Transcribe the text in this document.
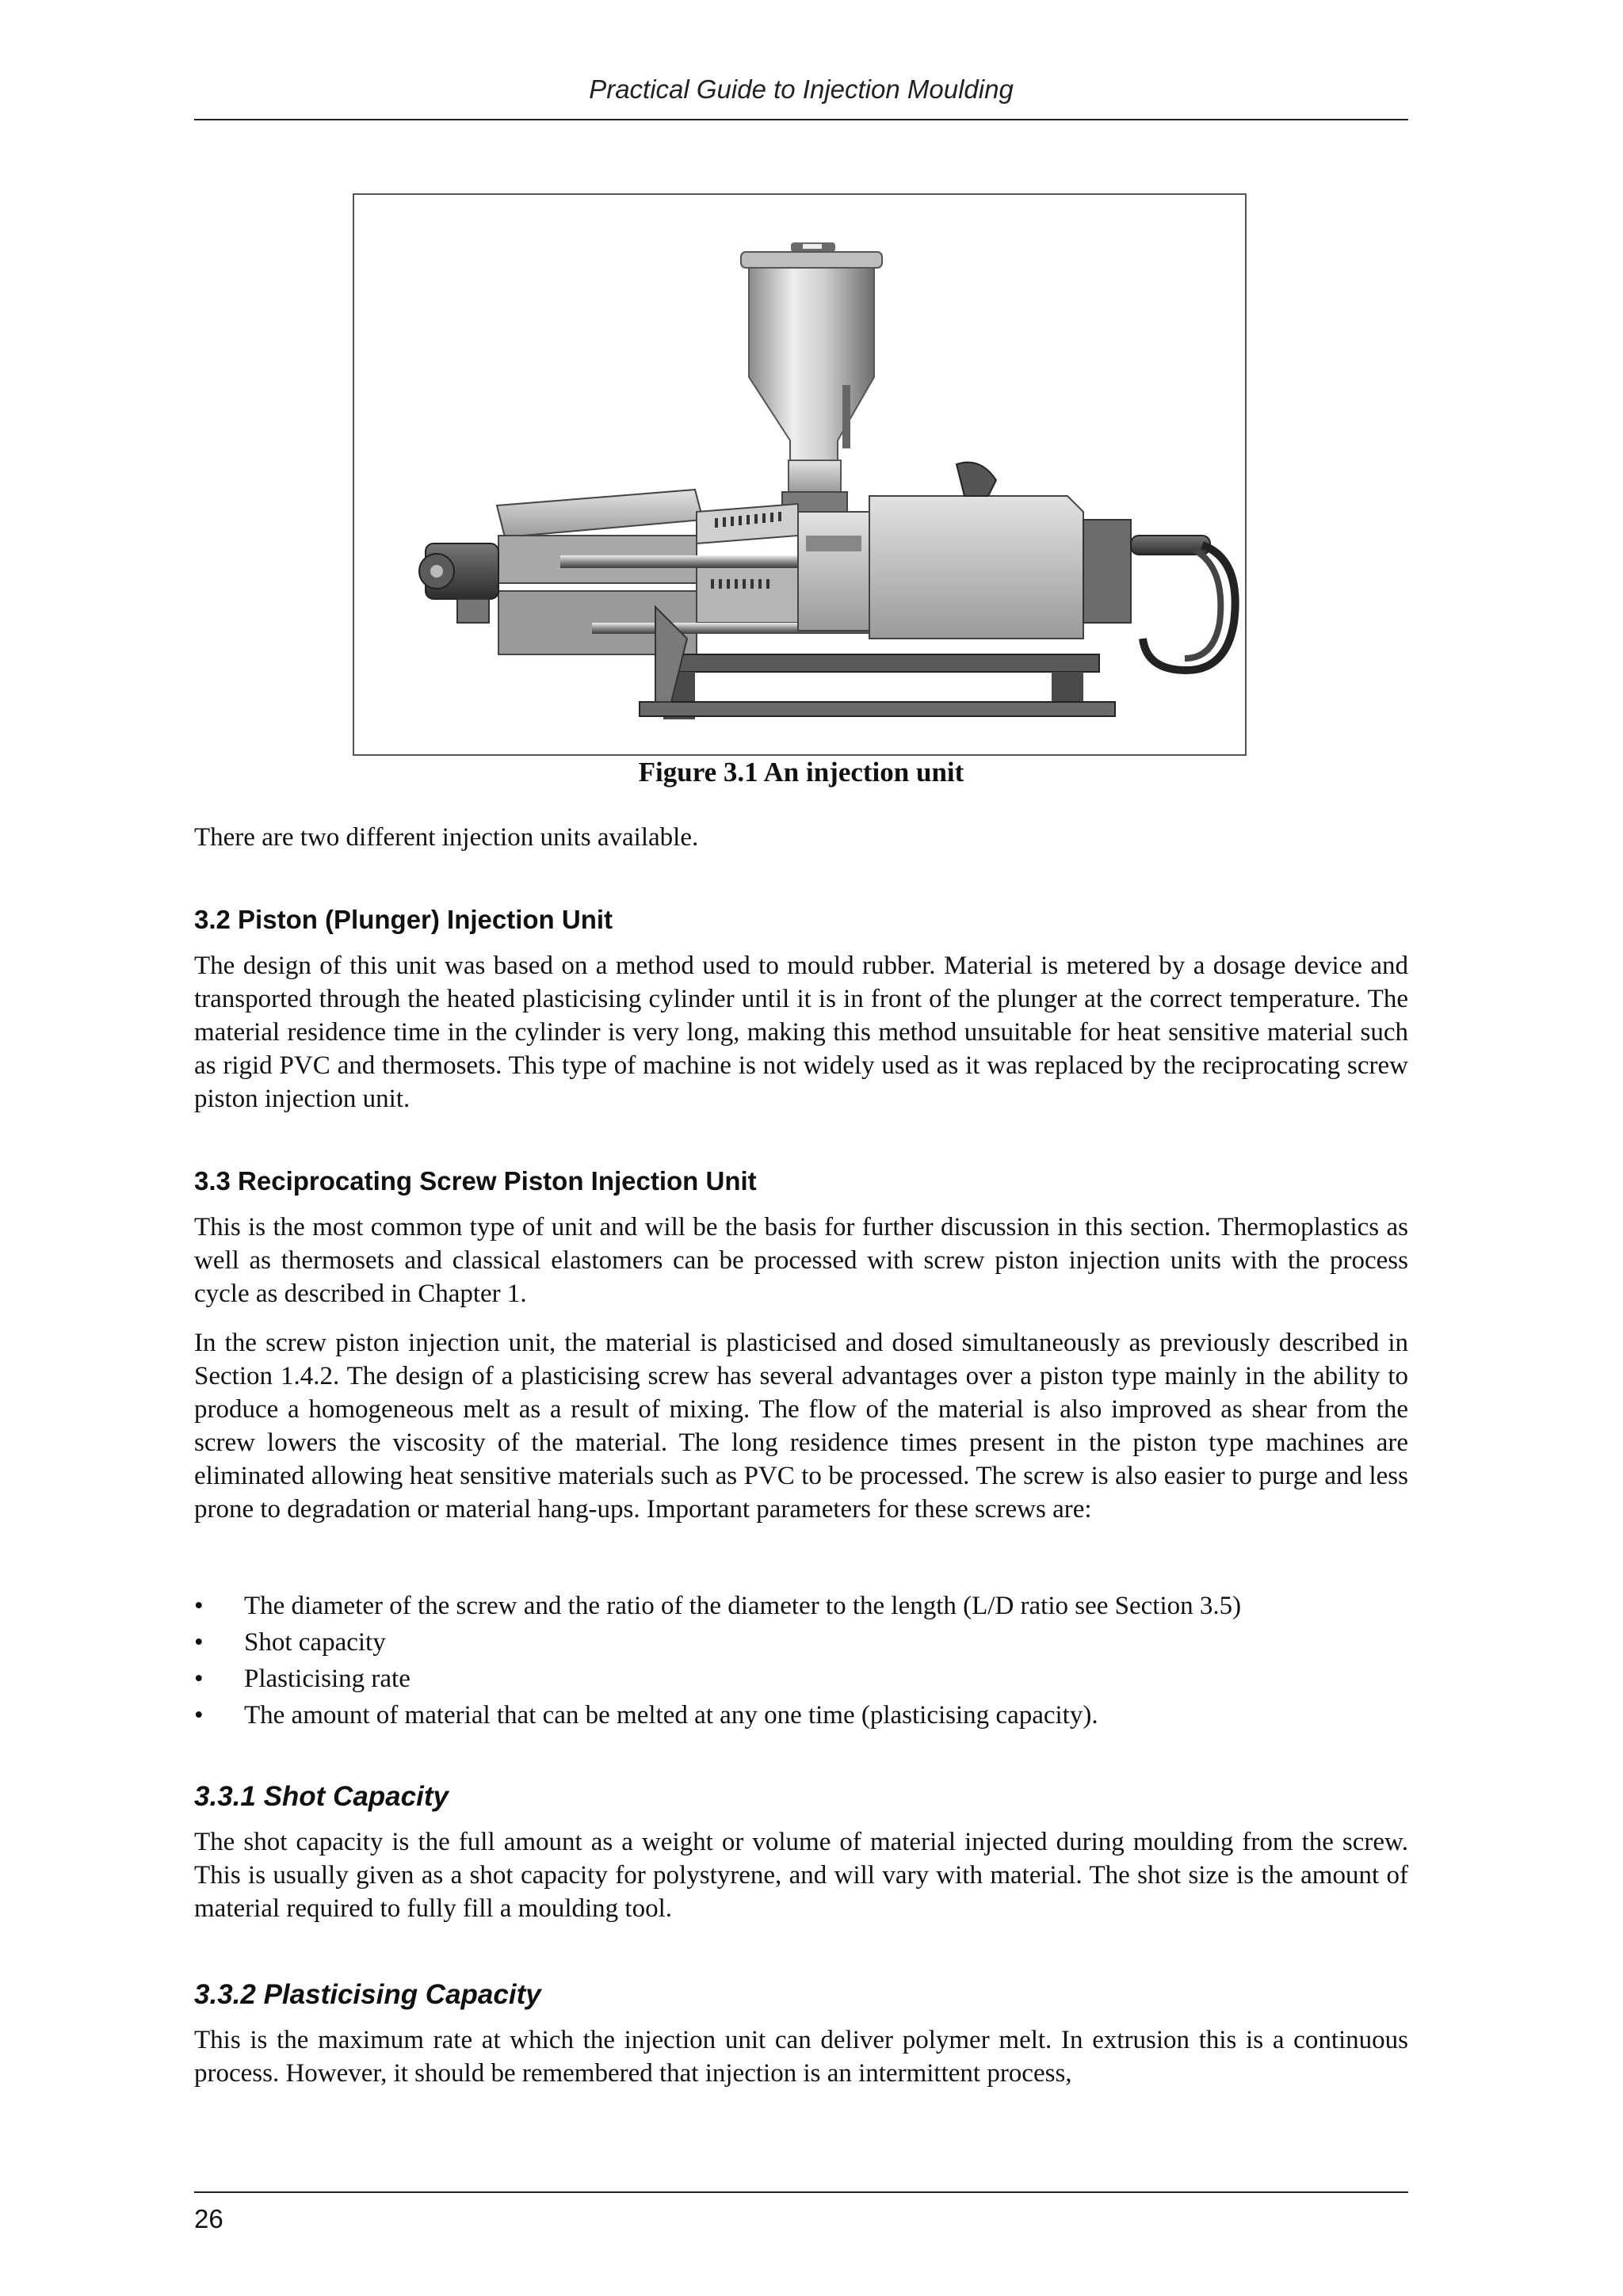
Practical Guide to Injection Moulding
Figure 3.1 An injection unit

There are two different injection units available.

3.2 Piston (Plunger) Injection Unit

The design of this unit was based on a method used to mould rubber. Material is metered by a dosage device and transported through the heated plasticising cylinder until it is in front of the plunger at the correct temperature. The material residence time in the cylinder is very long, making this method unsuitable for heat sensitive material such as rigid PVC and thermosets. This type of machine is not widely used as it was replaced by the reciprocating screw piston injection unit.

3.3 Reciprocating Screw Piston Injection Unit

This is the most common type of unit and will be the basis for further discussion in this section. Thermoplastics as well as thermosets and classical elastomers can be processed with screw piston injection units with the process cycle as described in Chapter 1.

In the screw piston injection unit, the material is plasticised and dosed simultaneously as previously described in Section 1.4.2. The design of a plasticising screw has several advantages over a piston type mainly in the ability to produce a homogeneous melt as a result of mixing. The flow of the material is also improved as shear from the screw lowers the viscosity of the material. The long residence times present in the piston type machines are eliminated allowing heat sensitive materials such as PVC to be processed. The screw is also easier to purge and less prone to degradation or material hang-ups. Important parameters for these screws are:

• The diameter of the screw and the ratio of the diameter to the length (L/D ratio see Section 3.5)
• Shot capacity
• Plasticising rate
• The amount of material that can be melted at any one time (plasticising capacity).
3.3.1 Shot Capacity

The shot capacity is the full amount as a weight or volume of material injected during moulding from the screw. This is usually given as a shot capacity for polystyrene, and will vary with material. The shot size is the amount of material required to fully fill a moulding tool.

3.3.2 Plasticising Capacity

This is the maximum rate at which the injection unit can deliver polymer melt. In extrusion this is a continuous process. However, it should be remembered that injection is an intermittent process,

26
